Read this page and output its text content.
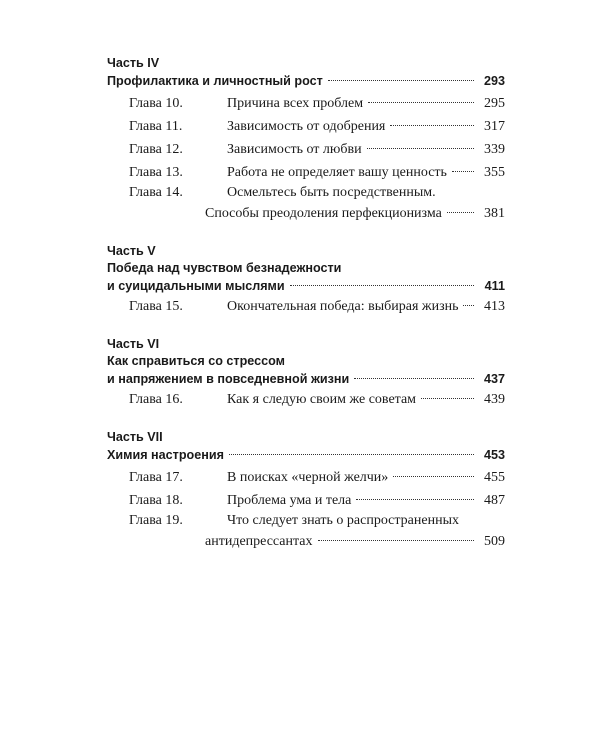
Часть IV
Профилактика и личностный рост	293
Глава 10.	Причина всех проблем	295
Глава 11.	Зависимость от одобрения	317
Глава 12.	Зависимость от любви	339
Глава 13.	Работа не определяет вашу ценность	355
Глава 14.	Осмельтесь быть посредственным.
Способы преодоления перфекционизма	381
Часть V
Победа над чувством безнадежности
и суицидальными мыслями	411
Глава 15.	Окончательная победа: выбирая жизнь	413
Часть VI
Как справиться со стрессом
и напряжением в повседневной жизни	437
Глава 16.	Как я следую своим же советам	439
Часть VII
Химия настроения	453
Глава 17.	В поисках «черной желчи»	455
Глава 18.	Проблема ума и тела	487
Глава 19.	Что следует знать о распространенных
антидепрессантах	509
